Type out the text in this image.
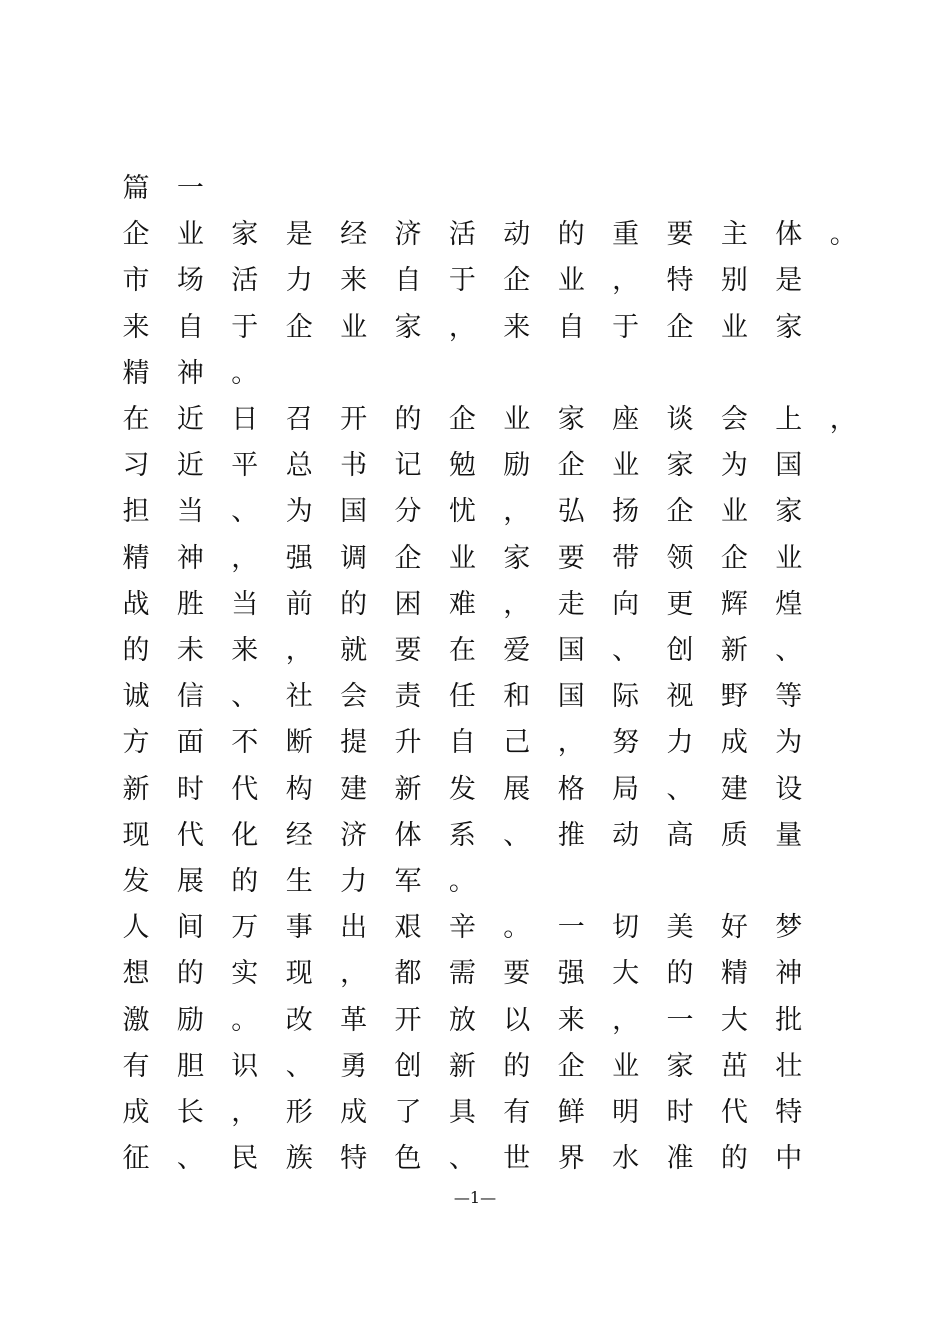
篇 一
企 业 家 是 经 济 活 动 的 重 要 主 体 。
市 场 活 力 来 自 于 企 业 ， 特 别 是
来 自 于 企 业 家 ， 来 自 于 企 业 家
精 神 。
在 近 日 召 开 的 企 业 家 座 谈 会 上 ，
习 近 平 总 书 记 勉 励 企 业 家 为 国
担 当 、 为 国 分 忧 ， 弘 扬 企 业 家
精 神 ， 强 调 企 业 家 要 带 领 企 业
战 胜 当 前 的 困 难 ， 走 向 更 辉 煌
的 未 来 ， 就 要 在 爱 国 、 创 新 、
诚 信 、 社 会 责 任 和 国 际 视 野 等
方 面 不 断 提 升 自 己 ， 努 力 成 为
新 时 代 构 建 新 发 展 格 局 、 建 设
现 代 化 经 济 体 系 、 推 动 高 质 量
发 展 的 生 力 军 。
人 间 万 事 出 艰 辛 。 一 切 美 好 梦
想 的 实 现 ， 都 需 要 强 大 的 精 神
激 励 。 改 革 开 放 以 来 ， 一 大 批
有 胆 识 、 勇 创 新 的 企 业 家 茁 壮
成 长 ， 形 成 了 具 有 鲜 明 时 代 特
征 、 民 族 特 色 、 世 界 水 准 的 中
—1—
